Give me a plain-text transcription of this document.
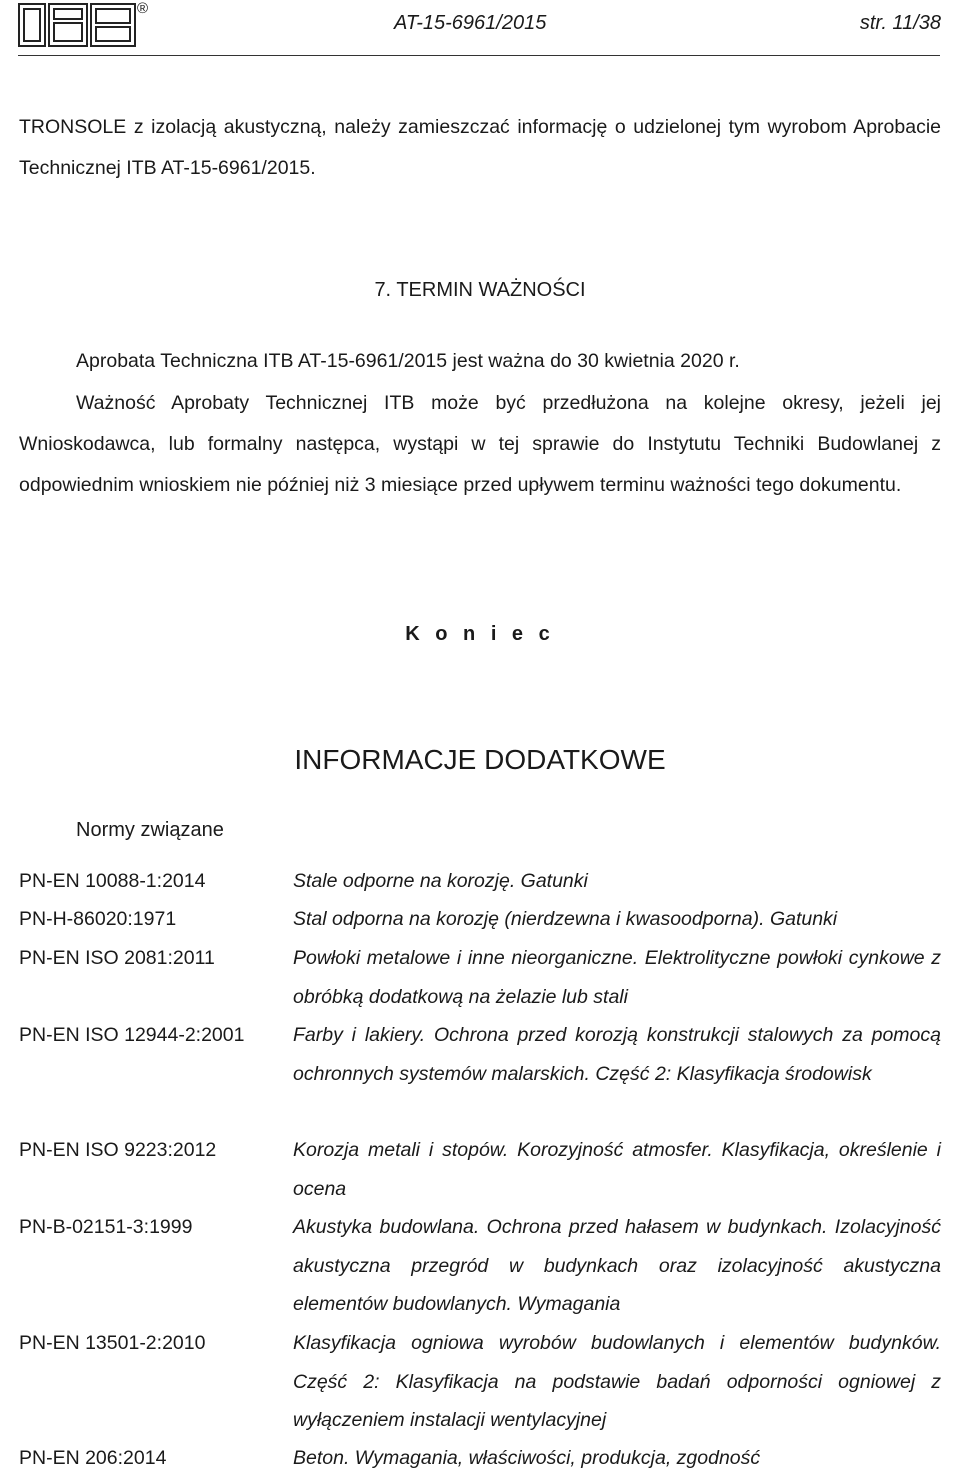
®
AT-15-6961/2015	str. 11/38

TRONSOLE z izolacją akustyczną, należy zamieszczać informację o udzielonej tym wyrobom Aprobacie Technicznej ITB AT-15-6961/2015.

7. TERMIN WAŻNOŚCI

Aprobata Techniczna ITB AT-15-6961/2015 jest ważna do 30 kwietnia 2020 r.

Ważność Aprobaty Technicznej ITB może być przedłużona na kolejne okresy, jeżeli jej Wnioskodawca, lub formalny następca, wystąpi w tej sprawie do Instytutu Techniki Budowlanej z odpowiednim wnioskiem nie później niż 3 miesiące przed upływem terminu ważności tego dokumentu.

K o n i e c

INFORMACJE DODATKOWE

Normy związane

PN-EN 10088-1:2014	Stale odporne na korozję. Gatunki

PN-H-86020:1971	Stal odporna na korozję (nierdzewna i kwasoodporna). Gatunki

PN-EN ISO 2081:2011	Powłoki metalowe i inne nieorganiczne. Elektrolityczne powłoki cynkowe z obróbką dodatkową na żelazie lub stali

PN-EN ISO 12944-2:2001 Farby i lakiery. Ochrona przed korozją konstrukcji stalowych za pomocą ochronnych systemów malarskich. Część 2: Klasyfikacja środowisk

PN-EN ISO 9223:2012	Korozja metali i stopów. Korozyjność atmosfer. Klasyfikacja, określenie i ocena

PN-B-02151-3:1999	Akustyka budowlana. Ochrona przed hałasem w budynkach. Izolacyjność akustyczna przegród w budynkach oraz izolacyjność akustyczna elementów budowlanych. Wymagania

PN-EN 13501-2:2010	Klasyfikacja ogniowa wyrobów budowlanych i elementów budynków. Część 2: Klasyfikacja na podstawie badań odporności ogniowej z wyłączeniem instalacji wentylacyjnej

PN-EN 206:2014	Beton. Wymagania, właściwości, produkcja, zgodność
